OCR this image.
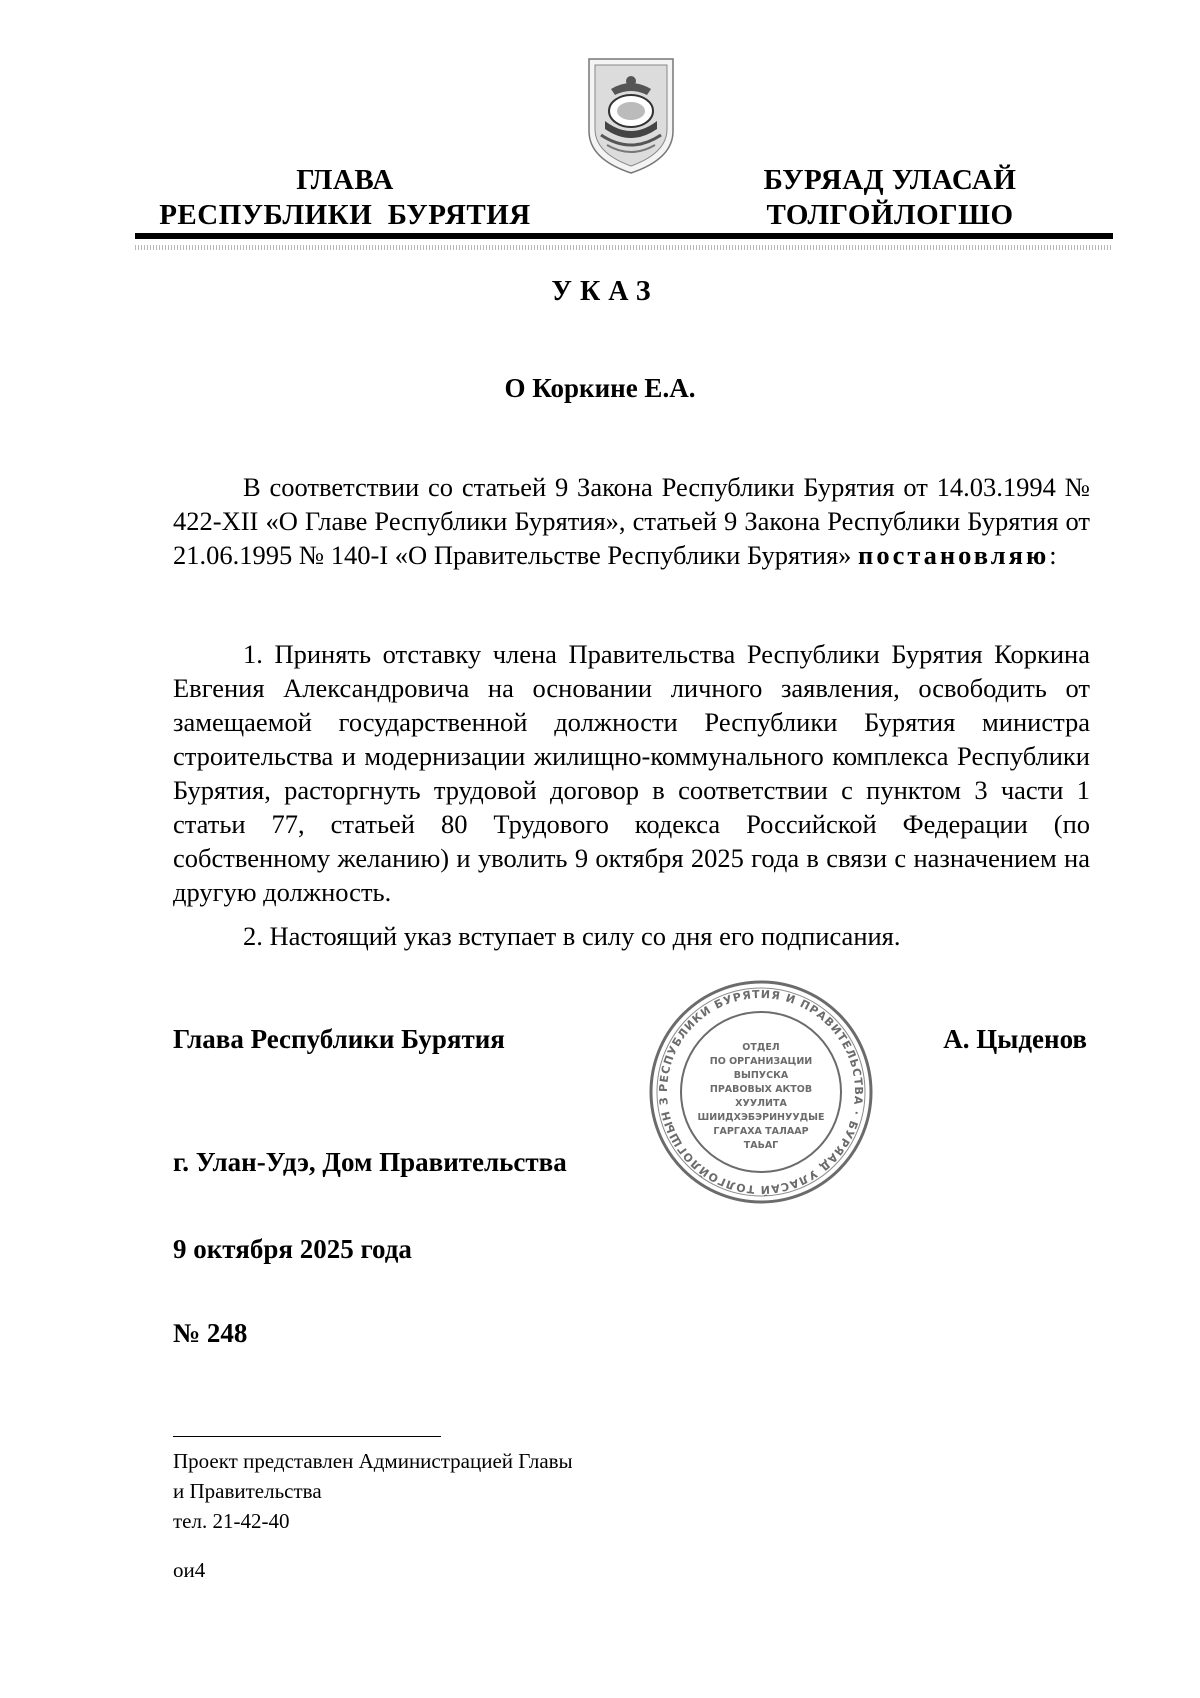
ГЛАВА
РЕСПУБЛИКИ  БУРЯТИЯ
БУРЯАД УЛАСАЙ
ТОЛГОЙЛОГШО
УКАЗ
О Коркине Е.А.

В соответствии со статьей 9 Закона Республики Бурятия от 14.03.1994 № 422-XII «О Главе Республики Бурятия», статьей 9 Закона Республики Бурятия от 21.06.1995 № 140-I «О Правительстве Республики Бурятия» постановляю:

1. Принять отставку члена Правительства Республики Бурятия Коркина Евгения Александровича на основании личного заявления, освободить от замещаемой государственной должности Республики Бурятия министра строительства и модернизации жилищно-коммунального комплекса Республики Бурятия, расторгнуть трудовой договор в соответствии с пунктом 3 части 1 статьи 77, статьей 80 Трудового кодекса Российской Федерации (по собственному желанию) и уволить 9 октября 2025 года в связи с назначением на другую должность.

2. Настоящий указ вступает в силу со дня его подписания.

Глава Республики Бурятия	А. Цыденов
РЕСПУБЛИКИ БУРЯТИЯ И ПРАВИТЕЛЬСТВА · БУРЯАД УЛАСАЙ ТОЛГОЙЛОГШЫН З
ОТДЕЛ
ПО ОРГАНИЗАЦИИ
ВЫПУСКА
ПРАВОВЫХ АКТОВ
ХУУЛИТА
ШИИДХЭБЭРИНУУДЫЕ
ГАРГАХА ТАЛААР
ТАЬАГ
г. Улан-Удэ, Дом Правительства
9 октября 2025 года
№ 248
Проект представлен Администрацией Главы
и Правительства
тел. 21-42-40
ои4
